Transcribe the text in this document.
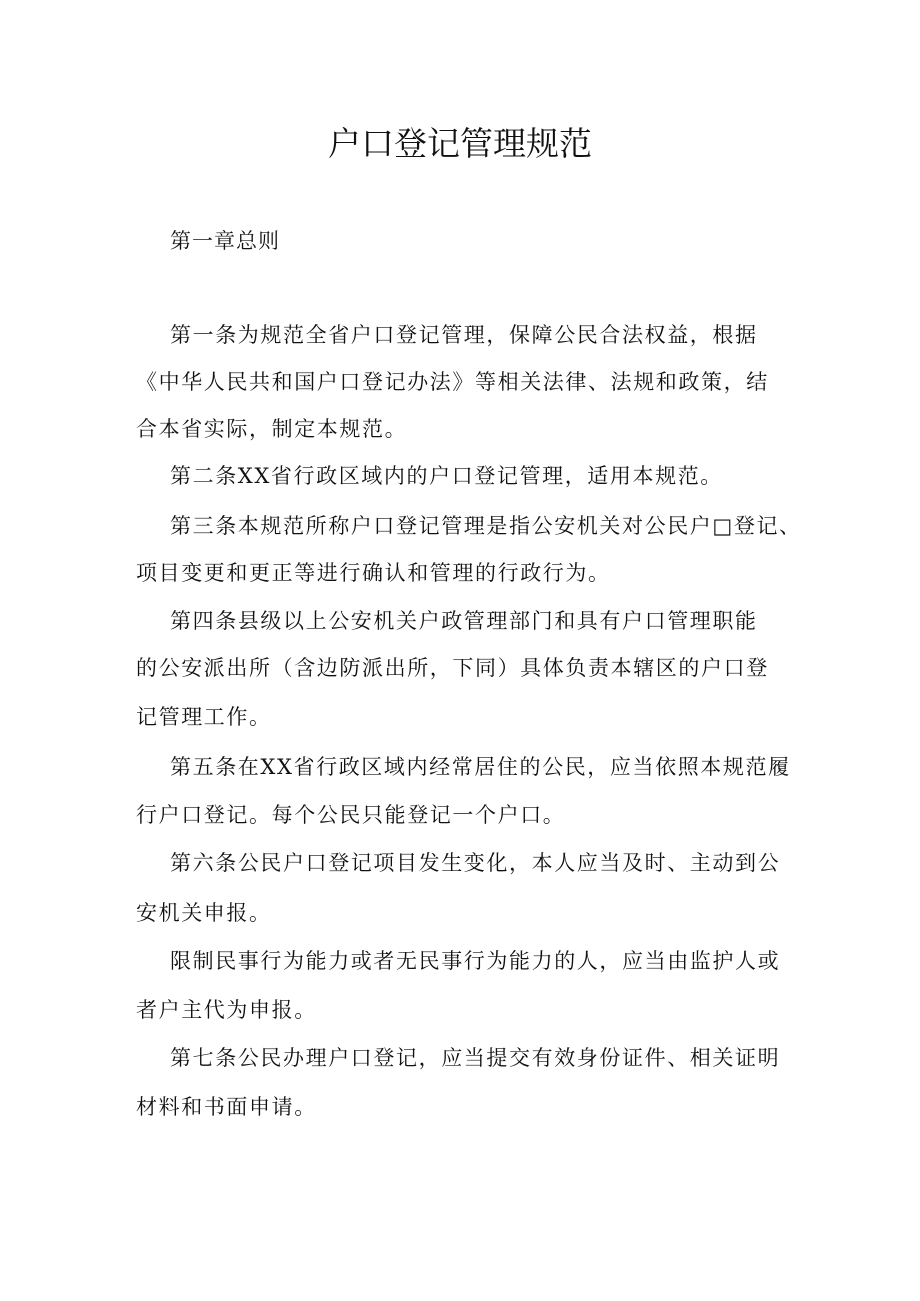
户口登记管理规范

第一章总则

第一条为规范全省户口登记管理，保障公民合法权益，根据

《中华人民共和国户口登记办法》等相关法律、法规和政策，结

合本省实际，制定本规范。

第二条XX省行政区域内的户口登记管理，适用本规范。

第三条本规范所称户口登记管理是指公安机关对公民户□登记、

项目变更和更正等进行确认和管理的行政行为。

第四条县级以上公安机关户政管理部门和具有户口管理职能

的公安派出所（含边防派出所，下同）具体负责本辖区的户口登

记管理工作。

第五条在XX省行政区域内经常居住的公民，应当依照本规范履

行户口登记。每个公民只能登记一个户口。

第六条公民户口登记项目发生变化，本人应当及时、主动到公

安机关申报。

限制民事行为能力或者无民事行为能力的人，应当由监护人或

者户主代为申报。

第七条公民办理户口登记，应当提交有效身份证件、相关证明

材料和书面申请。
